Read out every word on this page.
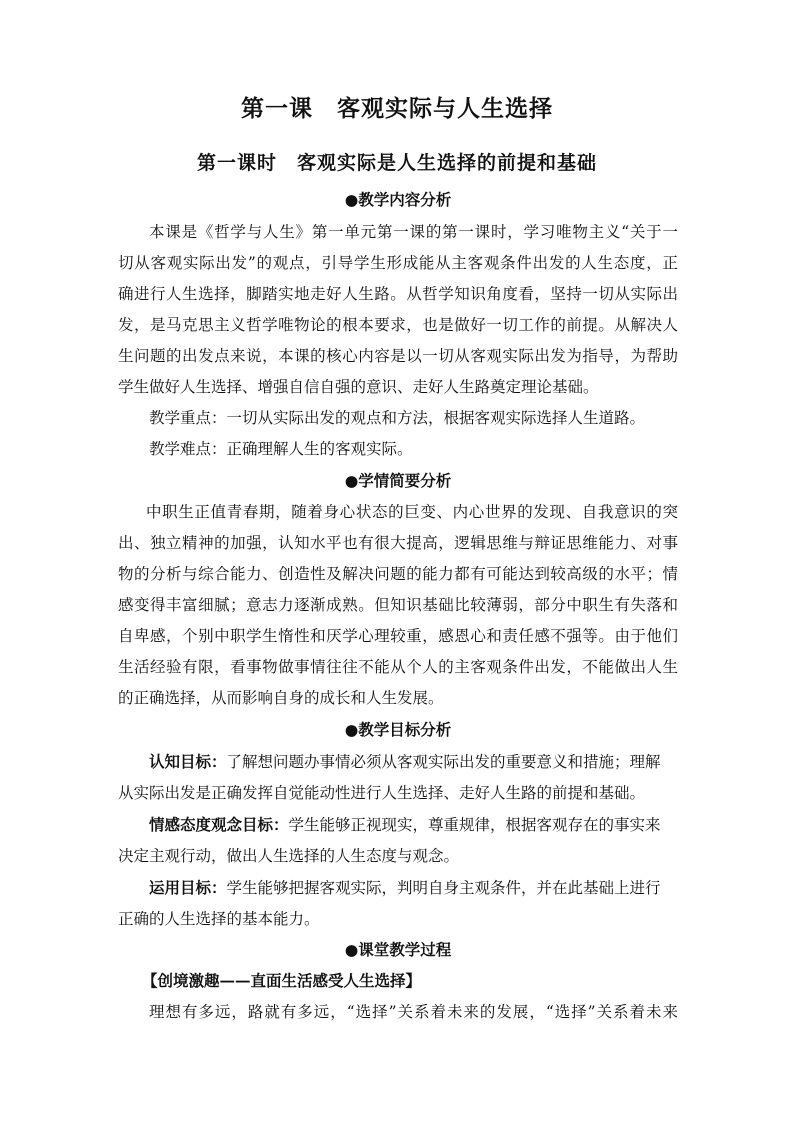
第一课　客观实际与人生选择
第一课时　客观实际是人生选择的前提和基础
●教学内容分析
本课是《哲学与人生》第一单元第一课的第一课时，学习唯物主义“关于一
切从客观实际出发”的观点，引导学生形成能从主客观条件出发的人生态度，正
确进行人生选择，脚踏实地走好人生路。从哲学知识角度看，坚持一切从实际出
发，是马克思主义哲学唯物论的根本要求，也是做好一切工作的前提。从解决人
生问题的出发点来说，本课的核心内容是以一切从客观实际出发为指导，为帮助
学生做好人生选择、增强自信自强的意识、走好人生路奠定理论基础。
教学重点：一切从实际出发的观点和方法，根据客观实际选择人生道路。
教学难点：正确理解人生的客观实际。
●学情简要分析
中职生正值青春期，随着身心状态的巨变、内心世界的发现、自我意识的突
出、独立精神的加强，认知水平也有很大提高，逻辑思维与辩证思维能力、对事
物的分析与综合能力、创造性及解决问题的能力都有可能达到较高级的水平；情
感变得丰富细腻；意志力逐渐成熟。但知识基础比较薄弱，部分中职生有失落和
自卑感，个别中职学生惰性和厌学心理较重，感恩心和责任感不强等。由于他们
生活经验有限，看事物做事情往往不能从个人的主客观条件出发，不能做出人生
的正确选择，从而影响自身的成长和人生发展。
●教学目标分析
认知目标：了解想问题办事情必须从客观实际出发的重要意义和措施；理解
从实际出发是正确发挥自觉能动性进行人生选择、走好人生路的前提和基础。
情感态度观念目标：学生能够正视现实，尊重规律，根据客观存在的事实来
决定主观行动，做出人生选择的人生态度与观念。
运用目标：学生能够把握客观实际，判明自身主观条件，并在此基础上进行
正确的人生选择的基本能力。
●课堂教学过程
【创境激趣——直面生活感受人生选择】
理想有多远，路就有多远，“选择”关系着未来的发展，“选择”关系着未来
